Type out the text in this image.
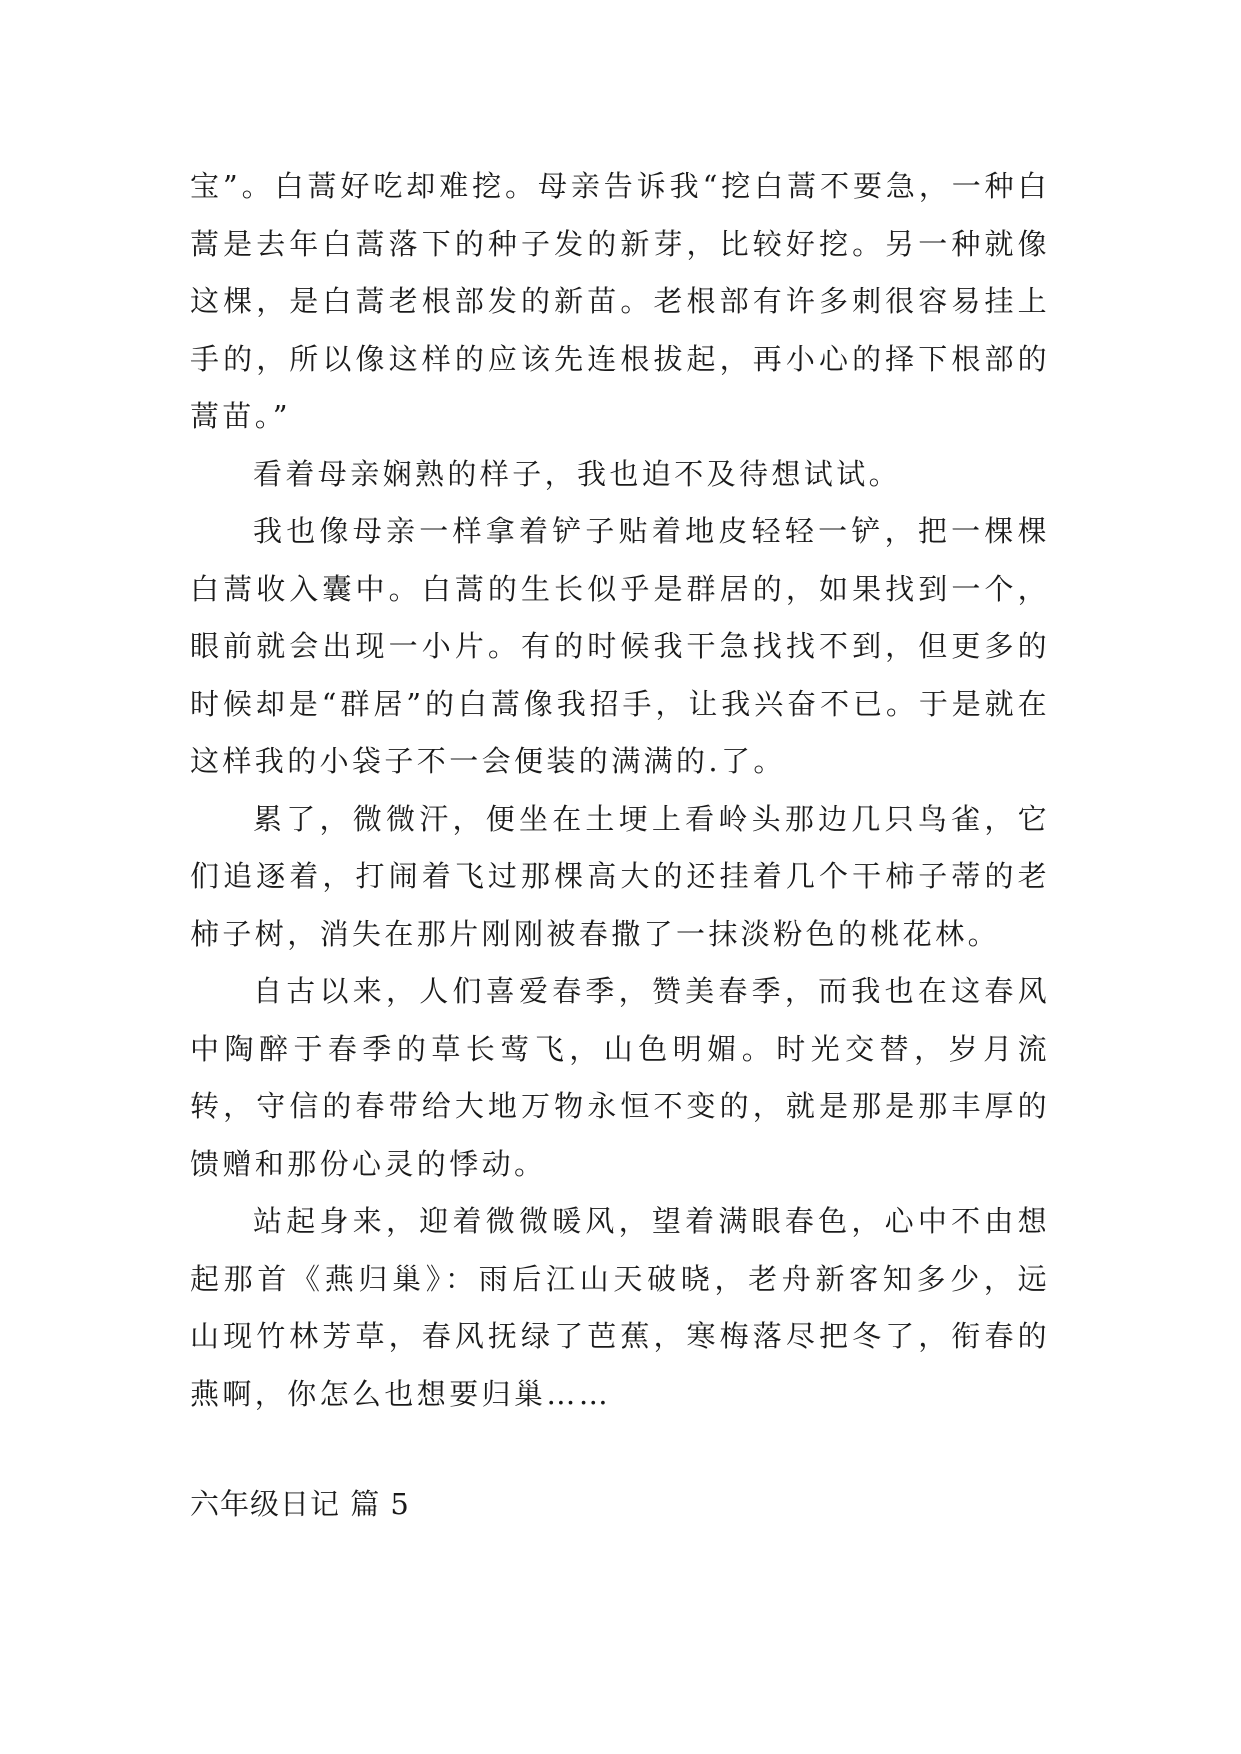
宝”。白蒿好吃却难挖。母亲告诉我“挖白蒿不要急，一种白蒿是去年白蒿落下的种子发的新芽，比较好挖。另一种就像这棵，是白蒿老根部发的新苗。老根部有许多刺很容易挂上手的，所以像这样的应该先连根拔起，再小心的择下根部的蒿苗。”

看着母亲娴熟的样子，我也迫不及待想试试。

我也像母亲一样拿着铲子贴着地皮轻轻一铲，把一棵棵白蒿收入囊中。白蒿的生长似乎是群居的，如果找到一个，眼前就会出现一小片。有的时候我干急找找不到，但更多的时候却是“群居”的白蒿像我招手，让我兴奋不已。于是就在这样我的小袋子不一会便装的满满的.了。

累了，微微汗，便坐在土埂上看岭头那边几只鸟雀，它们追逐着，打闹着飞过那棵高大的还挂着几个干柿子蒂的老柿子树，消失在那片刚刚被春撒了一抹淡粉色的桃花林。

自古以来，人们喜爱春季，赞美春季，而我也在这春风中陶醉于春季的草长莺飞，山色明媚。时光交替，岁月流转，守信的春带给大地万物永恒不变的，就是那是那丰厚的馈赠和那份心灵的悸动。

站起身来，迎着微微暖风，望着满眼春色，心中不由想起那首《燕归巢》：雨后江山天破晓，老舟新客知多少，远山现竹林芳草，春风抚绿了芭蕉，寒梅落尽把冬了，衔春的燕啊，你怎么也想要归巢……

六年级日记 篇 5
